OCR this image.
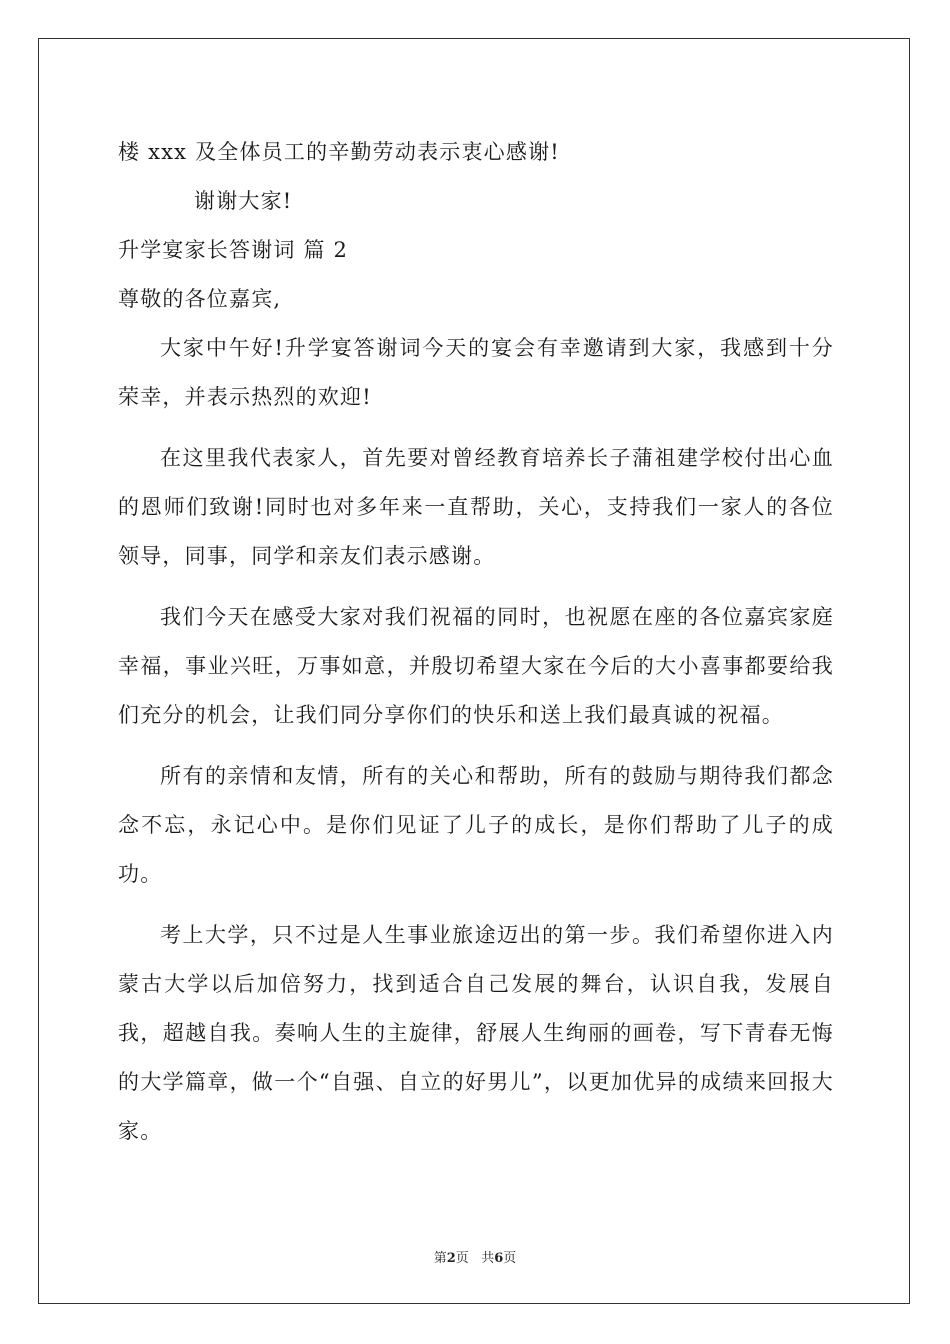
楼 xxx 及全体员工的辛勤劳动表示衷心感谢!
谢谢大家!
升学宴家长答谢词 篇 2
尊敬的各位嘉宾,
大家中午好!升学宴答谢词今天的宴会有幸邀请到大家，我感到十分荣幸，并表示热烈的欢迎!
在这里我代表家人，首先要对曾经教育培养长子蒲祖建学校付出心血的恩师们致谢!同时也对多年来一直帮助，关心，支持我们一家人的各位领导，同事，同学和亲友们表示感谢。
我们今天在感受大家对我们祝福的同时，也祝愿在座的各位嘉宾家庭幸福，事业兴旺，万事如意，并殷切希望大家在今后的大小喜事都要给我们充分的机会，让我们同分享你们的快乐和送上我们最真诚的祝福。
所有的亲情和友情，所有的关心和帮助，所有的鼓励与期待我们都念念不忘，永记心中。是你们见证了儿子的成长，是你们帮助了儿子的成功。
考上大学，只不过是人生事业旅途迈出的第一步。我们希望你进入内蒙古大学以后加倍努力，找到适合自己发展的舞台，认识自我，发展自我，超越自我。奏响人生的主旋律，舒展人生绚丽的画卷，写下青春无悔的大学篇章，做一个“自强、自立的好男儿”，以更加优异的成绩来回报大家。
第2页 共6页
